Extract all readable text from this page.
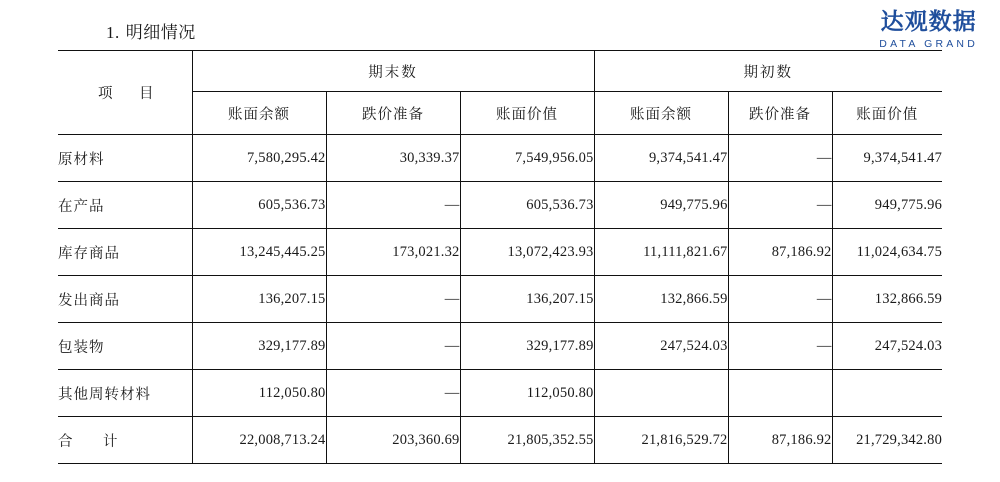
达观数据
DATA GRAND
1. 明细情况
项　目	期末数			期初数		
	账面余额	跌价准备	账面价值	账面余额	跌价准备	账面价值
原材料	7,580,295.42	30,339.37	7,549,956.05	9,374,541.47	—	9,374,541.47
在产品	605,536.73	—	605,536.73	949,775.96	—	949,775.96
库存商品	13,245,445.25	173,021.32	13,072,423.93	11,111,821.67	87,186.92	11,024,634.75
发出商品	136,207.15	—	136,207.15	132,866.59	—	132,866.59
包装物	329,177.89	—	329,177.89	247,524.03	—	247,524.03
其他周转材料	112,050.80	—	112,050.80			
合　计	22,008,713.24	203,360.69	21,805,352.55	21,816,529.72	87,186.92	21,729,342.80
